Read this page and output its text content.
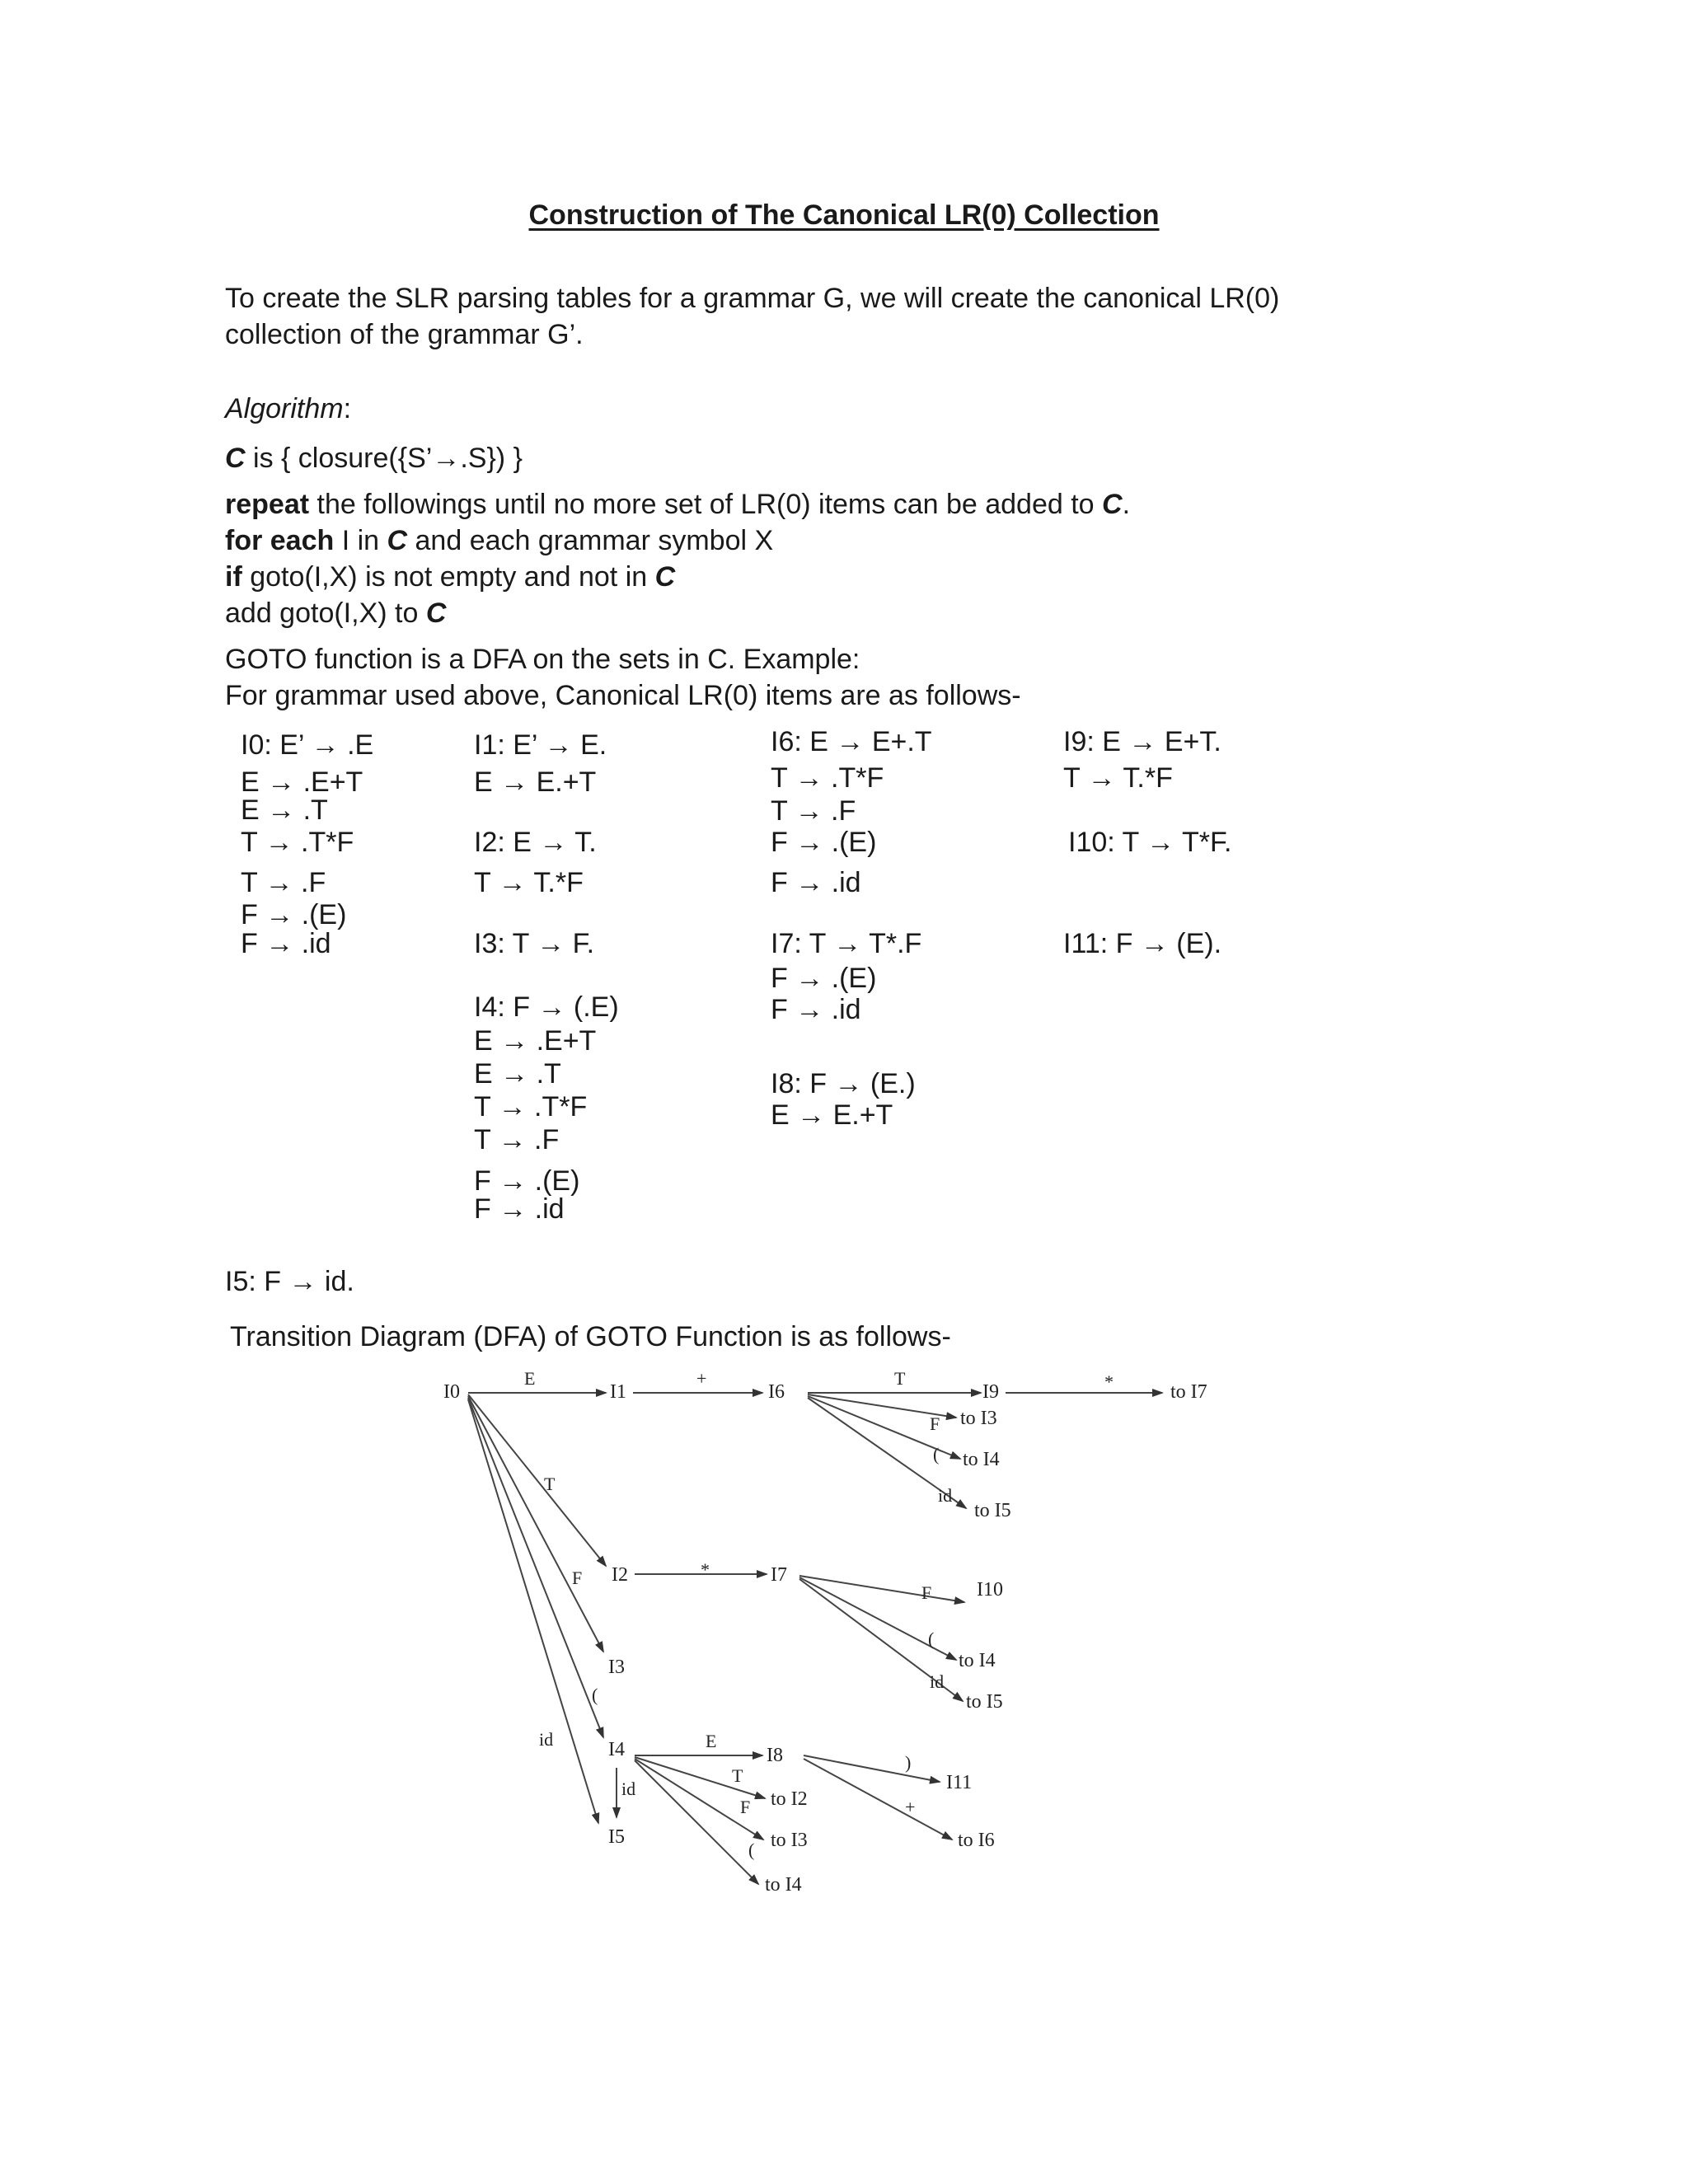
Construction of The Canonical LR(0) Collection
To create the SLR parsing tables for a grammar G, we will create the canonical LR(0)
collection of the grammar G’.
Algorithm:
C is { closure({S’→.S}) }
repeat the followings until no more set of LR(0) items can be added to C.
for each I in C and each grammar symbol X
if goto(I,X) is not empty and not in C
add goto(I,X) to C
GOTO function is a DFA on the sets in C. Example:
For grammar used above, Canonical LR(0) items are as follows-
I0: E’ → .E
E → .E+T
E → .T
T → .T*F
T → .F
F → .(E)
F → .id
I1: E’ → E.
E → E.+T
I2: E → T.
T → T.*F
I3: T → F.
I4: F → (.E)
E → .E+T
E → .T
T → .T*F
T → .F
F → .(E)
F → .id
I6: E → E+.T
T → .T*F
T → .F
F → .(E)
F → .id
I7: T → T*.F
F → .(E)
F → .id
I8: F → (E.)
E → E.+T
I9: E → E+T.
T → T.*F
I10: T → T*F.
I11: F → (E).
I5: F → id.
Transition Diagram (DFA) of GOTO Function is as follows-
I0	I1	I6	I9	to I7
to I3
to I4
to I5
I2	I7
I10
to I4
to I5
I3
I4
I5
I8
to I2
to I3
to I4
I11
to I6
E	+	T	*
F
(
id
T
F
(
id
*
F
(
id
id
E
T
F
(
)
+
